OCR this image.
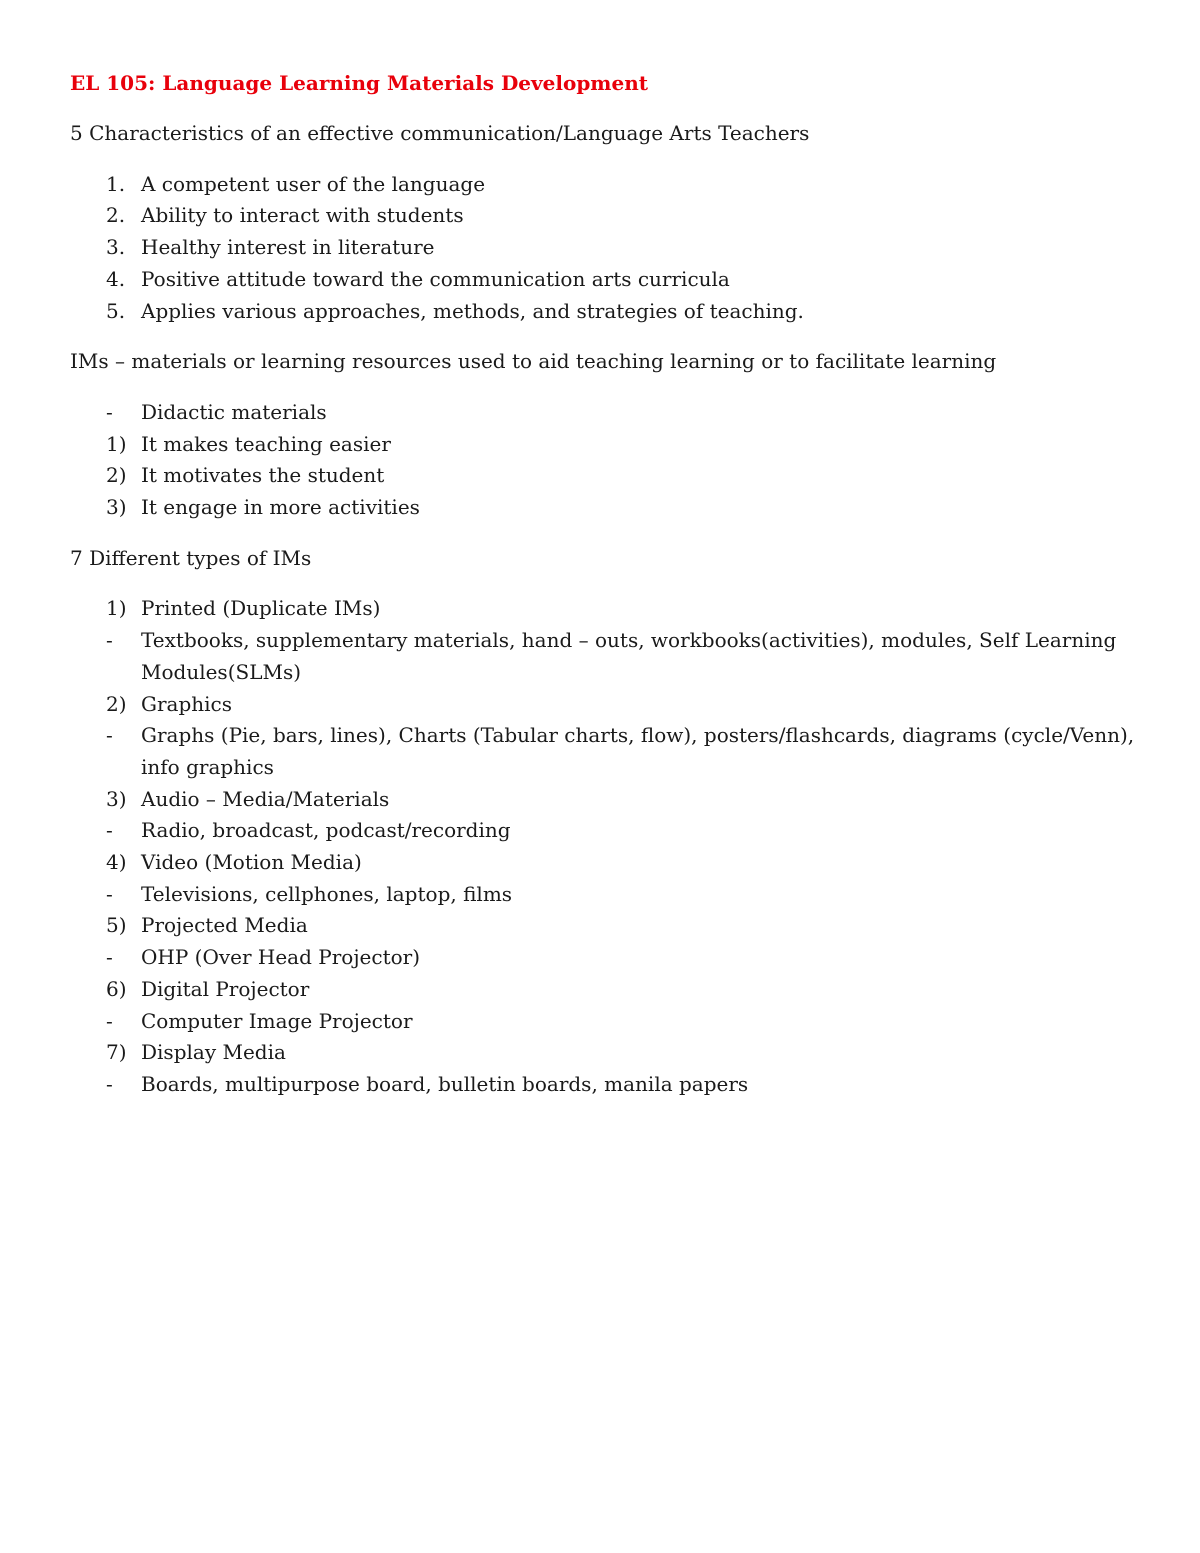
EL 105: Language Learning Materials Development
5 Characteristics of an effective communication/Language Arts Teachers
1. A competent user of the language
2. Ability to interact with students
3. Healthy interest in literature
4. Positive attitude toward the communication arts curricula
5. Applies various approaches, methods, and strategies of teaching.
IMs – materials or learning resources used to aid teaching learning or to facilitate learning
-	Didactic materials
1) It makes teaching easier
2) It motivates the student
3) It engage in more activities
7 Different types of IMs
1) Printed (Duplicate IMs)
-	Textbooks, supplementary materials, hand – outs, workbooks(activities), modules, Self Learning Modules(SLMs)
2) Graphics
-	Graphs (Pie, bars, lines), Charts (Tabular charts, flow), posters/flashcards, diagrams (cycle/Venn), info graphics
3) Audio – Media/Materials
-	Radio, broadcast, podcast/recording
4) Video (Motion Media)
-	Televisions, cellphones, laptop, films
5) Projected Media
-	OHP (Over Head Projector)
6) Digital Projector
-	Computer Image Projector
7) Display Media
-	Boards, multipurpose board, bulletin boards, manila papers
